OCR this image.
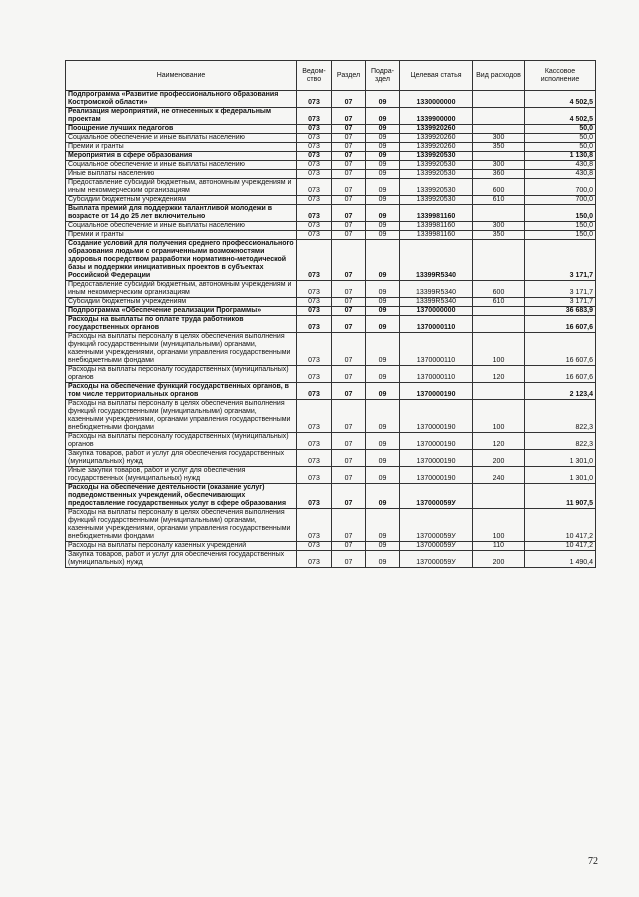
Наименование	Ведом-ство	Раздел	Подра-здел	Целевая статья	Вид расходов	Кассовое исполнение
Подпрограмма «Развитие профессионального образования Костромской области»	073	07	09	1330000000		4 502,5
Реализация мероприятий, не отнесенных к федеральным проектам	073	07	09	1339900000		4 502,5
Поощрение лучших педагогов	073	07	09	1339920260		50,0
Социальное обеспечение и иные выплаты населению	073	07	09	1339920260	300	50,0
Премии и гранты	073	07	09	1339920260	350	50,0
Мероприятия в сфере образования	073	07	09	1339920530		1 130,8
Социальное обеспечение и иные выплаты населению	073	07	09	1339920530	300	430,8
Иные выплаты населению	073	07	09	1339920530	360	430,8
Предоставление субсидий бюджетным, автономным учреждениям и иным некоммерческим организациям	073	07	09	1339920530	600	700,0
Субсидии бюджетным учреждениям	073	07	09	1339920530	610	700,0
Выплата премий для поддержки талантливой молодежи в возрасте от 14 до 25 лет включительно	073	07	09	1339981160		150,0
Социальное обеспечение и иные выплаты населению	073	07	09	1339981160	300	150,0
Премии и гранты	073	07	09	1339981160	350	150,0
Создание условий для получения среднего профессионального образования людьми с ограниченными возможностями здоровья посредством разработки нормативно-методической базы и поддержки инициативных проектов в субъектах Российской Федерации	073	07	09	13399R5340		3 171,7
Предоставление субсидий бюджетным, автономным учреждениям и иным некоммерческим организациям	073	07	09	13399R5340	600	3 171,7
Субсидии бюджетным учреждениям	073	07	09	13399R5340	610	3 171,7
Подпрограмма «Обеспечение реализации Программы»	073	07	09	1370000000		36 683,9
Расходы на выплаты по оплате труда работников государственных органов	073	07	09	1370000110		16 607,6
Расходы на выплаты персоналу в целях обеспечения выполнения функций государственными (муниципальными) органами, казенными учреждениями, органами управления государственными внебюджетными фондами	073	07	09	1370000110	100	16 607,6
Расходы на выплаты персоналу государственных (муниципальных) органов	073	07	09	1370000110	120	16 607,6
Расходы на обеспечение функций государственных органов, в том числе территориальных органов	073	07	09	1370000190		2 123,4
Расходы на выплаты персоналу в целях обеспечения выполнения функций государственными (муниципальными) органами, казенными учреждениями, органами управления государственными внебюджетными фондами	073	07	09	1370000190	100	822,3
Расходы на выплаты персоналу государственных (муниципальных) органов	073	07	09	1370000190	120	822,3
Закупка товаров, работ и услуг для обеспечения государственных (муниципальных) нужд	073	07	09	1370000190	200	1 301,0
Иные закупки товаров, работ и услуг для обеспечения государственных (муниципальных) нужд	073	07	09	1370000190	240	1 301,0
Расходы на обеспечение деятельности (оказание услуг) подведомственных учреждений, обеспечивающих предоставление государственных услуг в сфере образования	073	07	09	137000059У		11 907,5
Расходы на выплаты персоналу в целях обеспечения выполнения функций государственными (муниципальными) органами, казенными учреждениями, органами управления государственными внебюджетными фондами	073	07	09	137000059У	100	10 417,2
Расходы на выплаты персоналу казенных учреждений	073	07	09	137000059У	110	10 417,2
Закупка товаров, работ и услуг для обеспечения государственных (муниципальных) нужд	073	07	09	137000059У	200	1 490,4
72
